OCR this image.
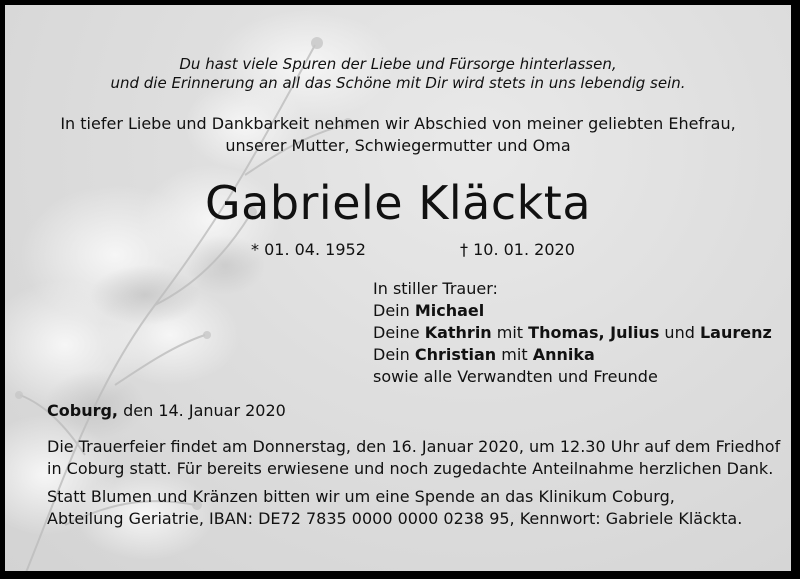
Du hast viele Spuren der Liebe und Fürsorge hinterlassen,
und die Erinnerung an all das Schöne mit Dir wird stets in uns lebendig sein.
In tiefer Liebe und Dankbarkeit nehmen wir Abschied von meiner geliebten Ehefrau,
unserer Mutter, Schwiegermutter und Oma
Gabriele Kläckta
* 01. 04. 1952	† 10. 01. 2020
In stiller Trauer:
Dein Michael
Deine Kathrin mit Thomas, Julius und Laurenz
Dein Christian mit Annika
sowie alle Verwandten und Freunde
Coburg, den 14. Januar 2020
Die Trauerfeier findet am Donnerstag, den 16. Januar 2020, um 12.30 Uhr auf dem Friedhof
in Coburg statt. Für bereits erwiesene und noch zugedachte Anteilnahme herzlichen Dank.
Statt Blumen und Kränzen bitten wir um eine Spende an das Klinikum Coburg,
Abteilung Geriatrie, IBAN: DE72 7835 0000 0000 0238 95, Kennwort: Gabriele Kläckta.
